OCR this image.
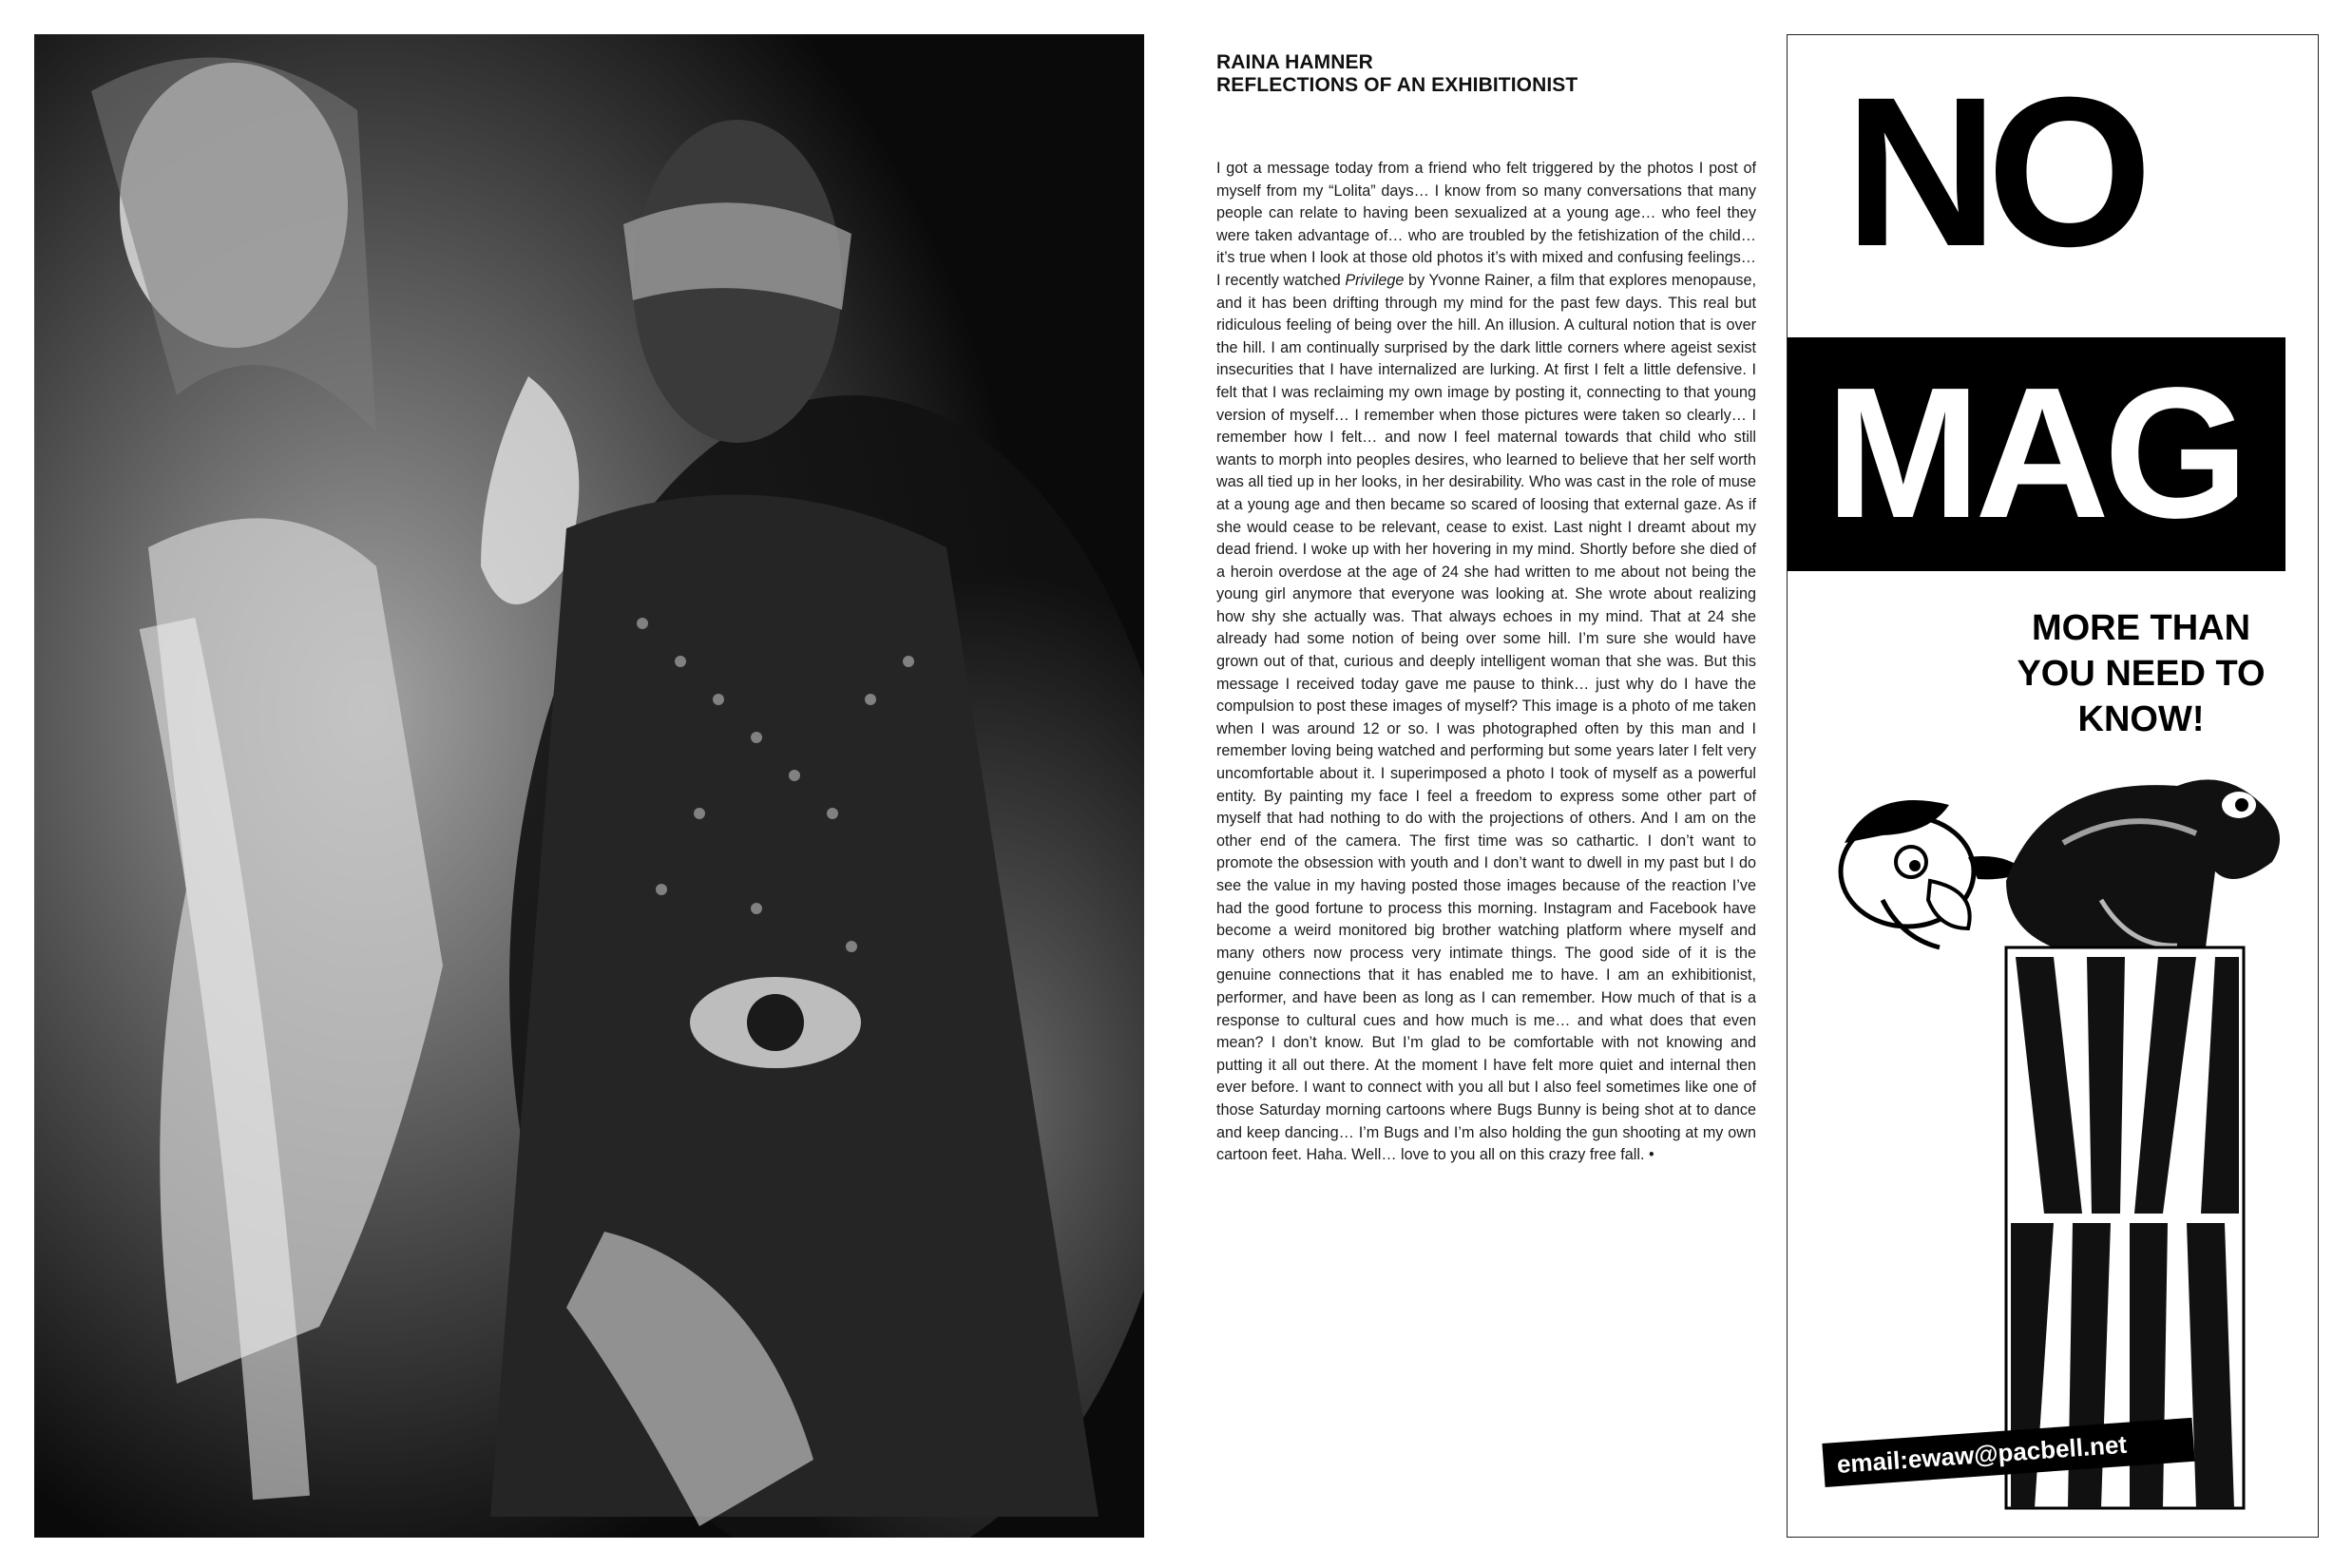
RAINA HAMNER

REFLECTIONS OF AN EXHIBITIONIST

I got a message today from a friend who felt triggered by the photos I post of myself from my “Lolita” days… I know from so many conversations that many people can relate to having been sexualized at a young age… who feel they were taken advantage of… who are troubled by the fetishization of the child… it’s true when I look at those old photos it’s with mixed and confusing feelings… I recently watched Privilege by Yvonne Rainer, a film that explores menopause, and it has been drifting through my mind for the past few days. This real but ridiculous feeling of being over the hill. An illusion. A cultural notion that is over the hill. I am continually surprised by the dark little corners where ageist sexist insecurities that I have internalized are lurking. At first I felt a little defensive. I felt that I was reclaiming my own image by posting it, connecting to that young version of myself… I remember when those pictures were taken so clearly… I remember how I felt… and now I feel maternal towards that child who still wants to morph into peoples desires, who learned to believe that her self worth was all tied up in her looks, in her desirability. Who was cast in the role of muse at a young age and then became so scared of loosing that external gaze. As if she would cease to be relevant, cease to exist. Last night I dreamt about my dead friend. I woke up with her hovering in my mind. Shortly before she died of a heroin overdose at the age of 24 she had written to me about not being the young girl anymore that everyone was looking at. She wrote about realizing how shy she actually was. That always echoes in my mind. That at 24 she already had some notion of being over some hill. I’m sure she would have grown out of that, curious and deeply intelligent woman that she was. But this message I received today gave me pause to think… just why do I have the compulsion to post these images of myself? This image is a photo of me taken when I was around 12 or so. I was photographed often by this man and I remember loving being watched and performing but some years later I felt very uncomfortable about it. I superimposed a photo I took of myself as a powerful entity. By painting my face I feel a freedom to express some other part of myself that had nothing to do with the projections of others. And I am on the other end of the camera. The first time was so cathartic. I don’t want to promote the obsession with youth and I don’t want to dwell in my past but I do see the value in my having posted those images because of the reaction I’ve had the good fortune to process this morning. Instagram and Facebook have become a weird monitored big brother watching platform where myself and many others now process very intimate things. The good side of it is the genuine connections that it has enabled me to have. I am an exhibitionist, performer, and have been as long as I can remember. How much of that is a response to cultural cues and how much is me… and what does that even mean? I don’t know. But I’m glad to be comfortable with not knowing and putting it all out there. At the moment I have felt more quiet and internal then ever before. I want to connect with you all but I also feel sometimes like one of those Saturday morning cartoons where Bugs Bunny is being shot at to dance and keep dancing… I’m Bugs and I’m also holding the gun shooting at my own cartoon feet. Haha. Well… love to you all on this crazy free fall. •

NO
MAG
MORE THAN
YOU NEED TO
KNOW!
email:ewaw@pacbell.net
